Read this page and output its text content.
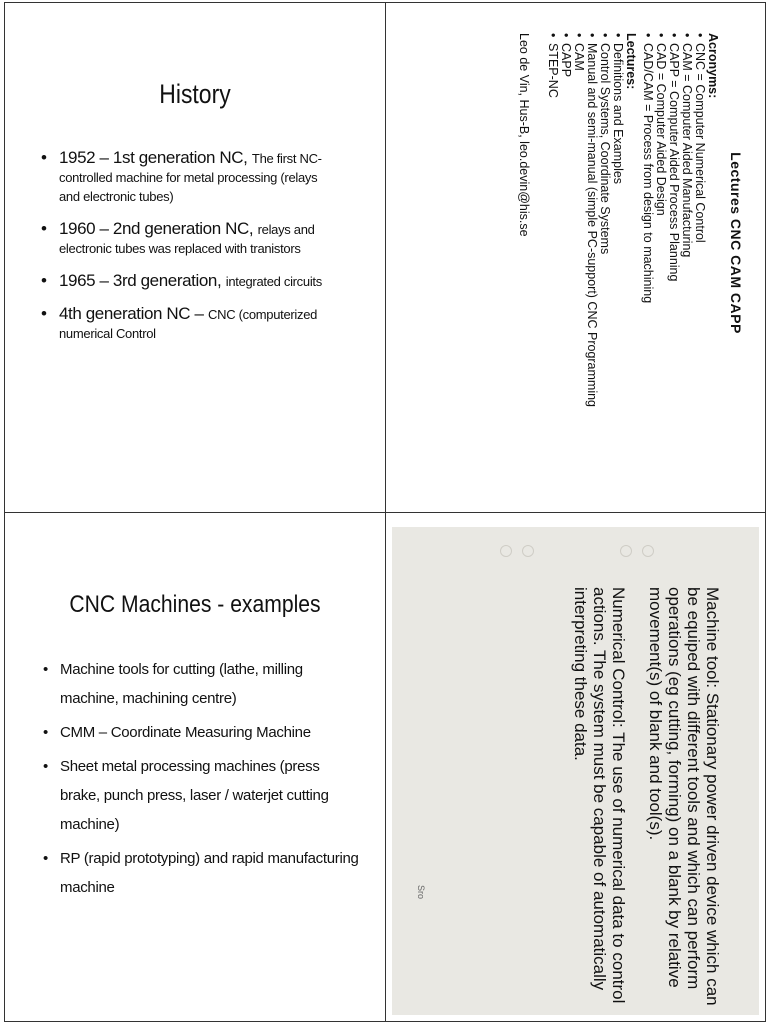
History
• 1952 – 1st generation NC, The first NC-controlled machine for metal processing (relays and electronic tubes)
• 1960 – 2nd generation NC, relays and electronic tubes was replaced with tranistors
• 1965 – 3rd generation, integrated circuits
• 4th generation NC – CNC (computerized numerical Control	Lectures CNC CAM CAPP
Acronyms:
• CNC = Computer Numerical Control
• CAM = Computer Aided Manufacturing
• CAPP = Computer Aided Process Planning
• CAD = Computer Aided Design
• CAD/CAM = Process from design to machining
Lectures:
• Definitions and Examples
• Control Systems, Coordinate Systems
• Manual and semi-manual (simple PC-support) CNC Programming
• CAM
• CAPP
• STEP-NC
Leo de Vin, Hus-B, leo.devin@his.se
CNC Machines - examples
• Machine tools for cutting (lathe, milling machine, machining centre)
• CMM – Coordinate Measuring Machine
• Sheet metal processing machines (press brake, punch press, laser / waterjet cutting machine)
• RP (rapid prototyping) and rapid manufacturing machine	Machine tool: Stationary power driven device which can be equiped with different tools and which can perform operations (eg cutting, forming) on a blank by relative movement(s) of blank and tool(s).

Numerical Control: The use of numerical data to control actions. The system must be capable of automatically interpreting these data.

Sro
